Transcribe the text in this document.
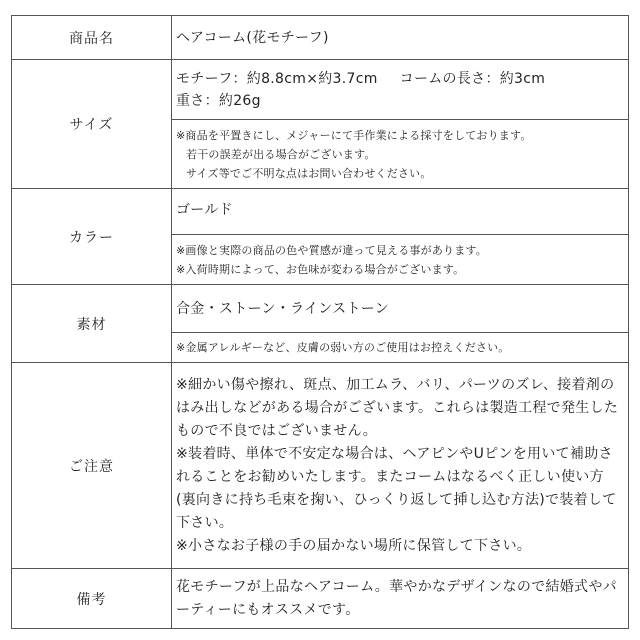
商品名	ヘアコーム(花モチーフ)
サイズ	モチーフ：約8.8cm×約3.7cm コームの長さ：約3cm
重さ：約26g

	※商品を平置きにし、メジャーにて手作業による採寸をしております。
若干の誤差が出る場合がございます。
サイズ等でご不明な点はお問い合わせください。

カラー	ゴールド

	※画像と実際の商品の色や質感が違って見える事があります。
※入荷時期によって、お色味が変わる場合がございます。

素材	合金・ストーン・ラインストーン

	※金属アレルギーなど、皮膚の弱い方のご使用はお控えください。

ご注意	※細かい傷や擦れ、斑点、加工ムラ、バリ、パーツのズレ、接着剤のはみ出しなどがある場合がございます。これらは製造工程で発生したもので不良ではございません。
※装着時、単体で不安定な場合は、ヘアピンやUピンを用いて補助されることをお勧めいたします。またコームはなるべく正しい使い方(裏向きに持ち毛束を掬い、ひっくり返して挿し込む方法)で装着して下さい。
※小さなお子様の手の届かない場所に保管して下さい。

備考	花モチーフが上品なヘアコーム。華やかなデザインなので結婚式やパーティーにもオススメです。
